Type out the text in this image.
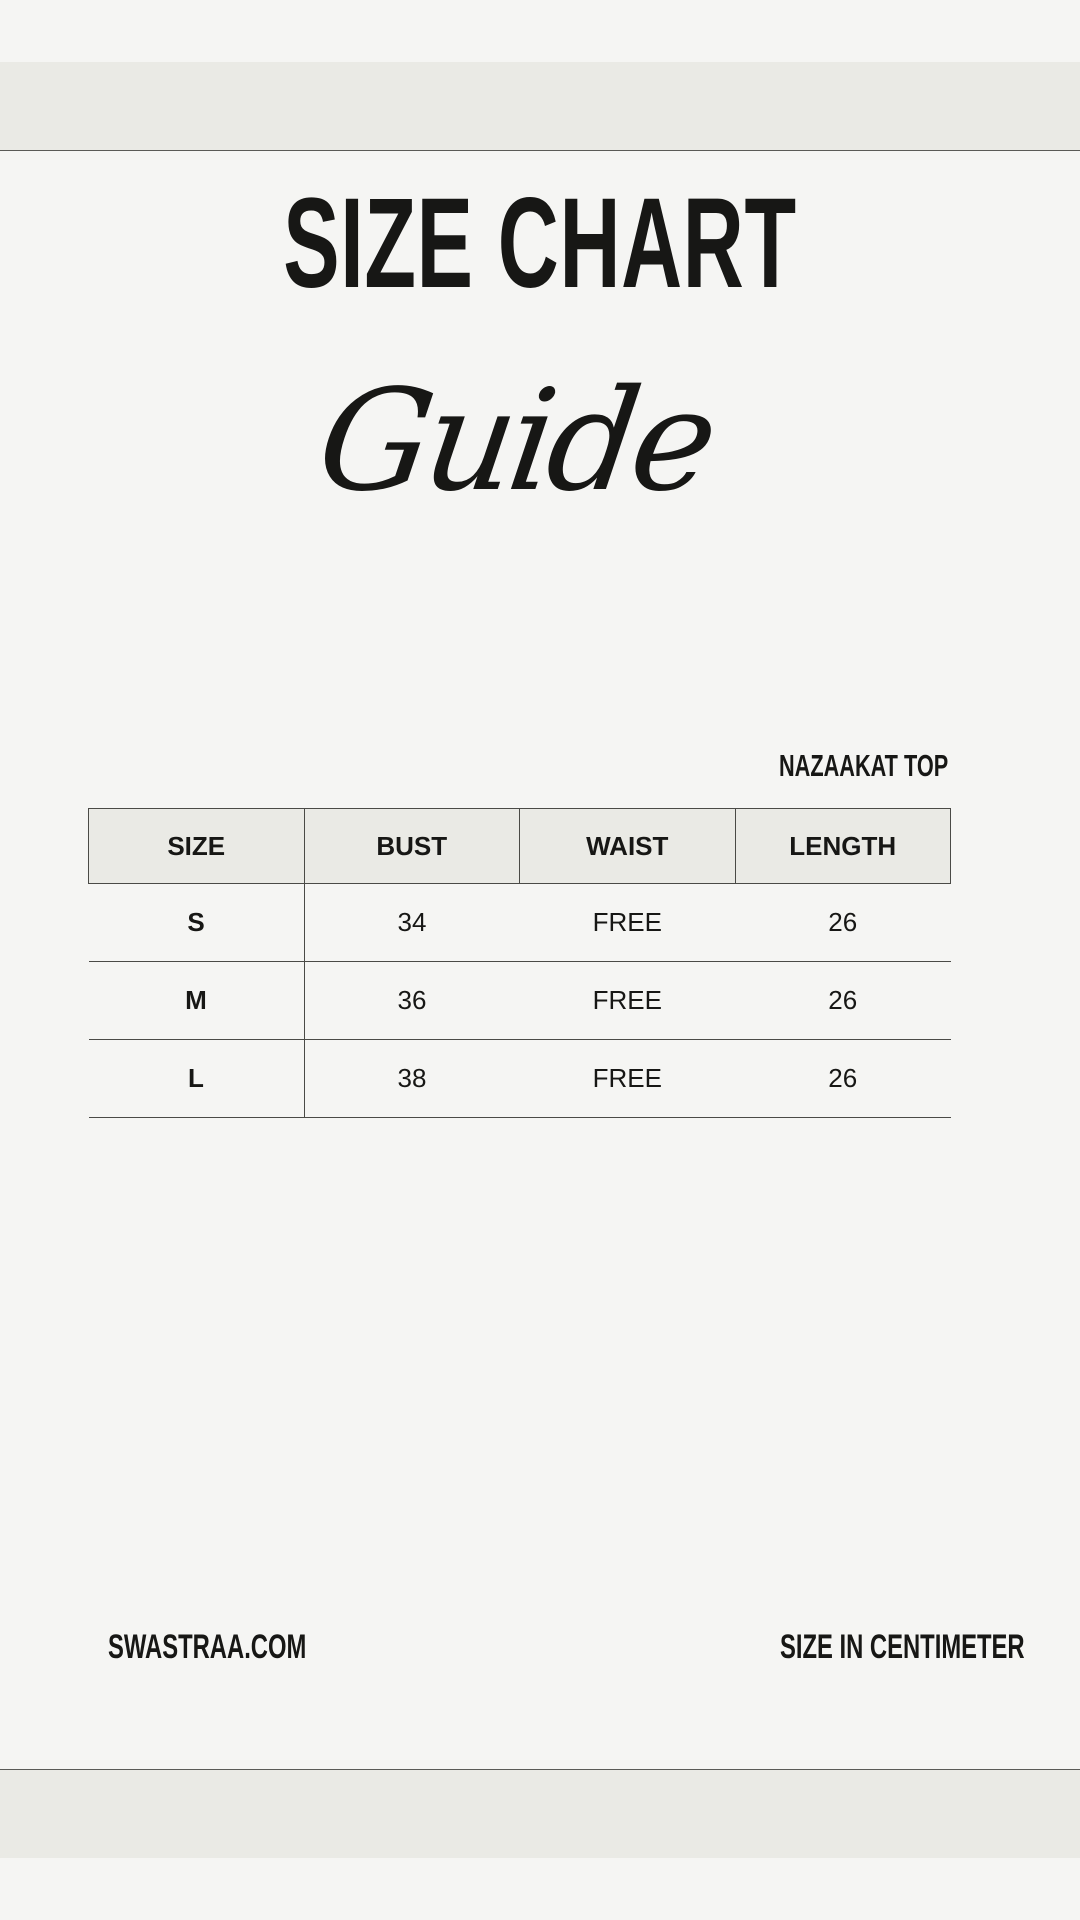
SIZE CHART
Guide
NAZAAKAT TOP
SIZE	BUST	WAIST	LENGTH
S	34	FREE	26
M	36	FREE	26
L	38	FREE	26
SWASTRAA.COM	SIZE IN CENTIMETER
